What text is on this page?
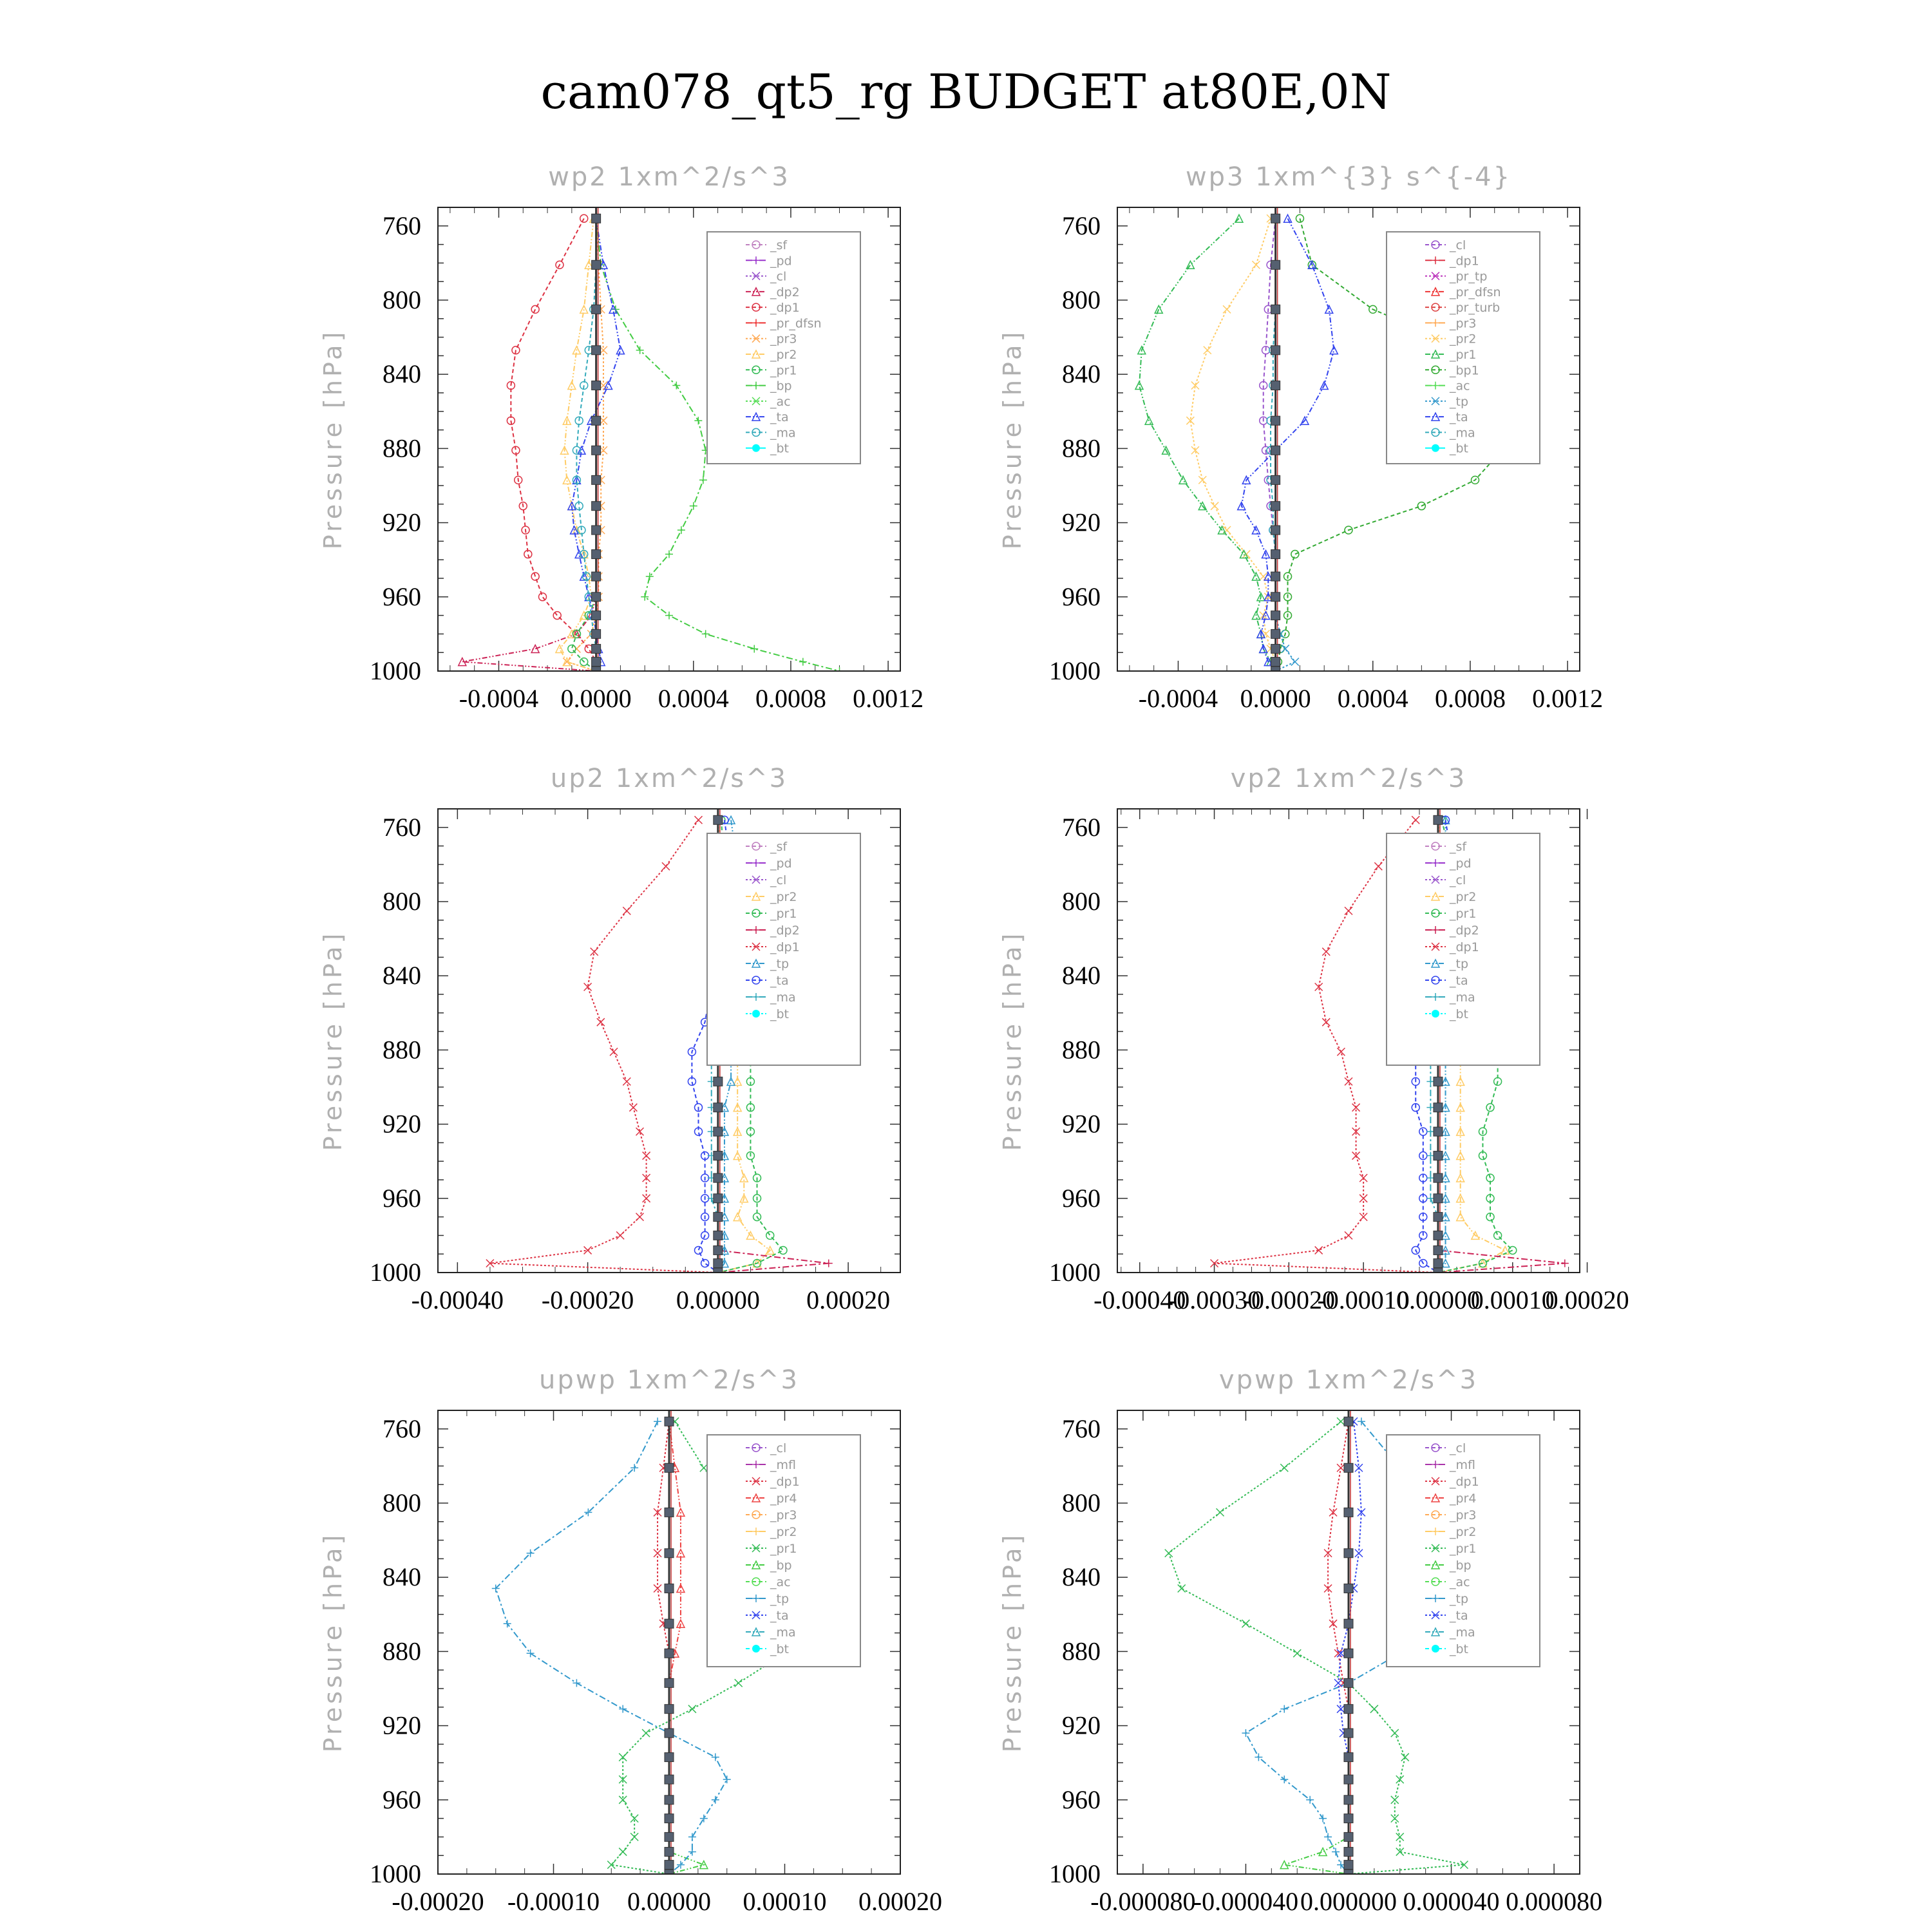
cam078_qt5_rg BUDGET at80E,0N
wp2 1xm^2/s^3
Pressure [hPa]
760
800
840
880
920
960
1000
-0.0004 0.0000 0.0004 0.0008 0.0012
_sf
_pd
_cl
_dp2
_dp1
_pr_dfsn
_pr3
_pr2
_pr1
_bp
_ac
_ta
_ma
_bt
wp3 1xm^{3} s^{-4}
Pressure [hPa]
760
800
840
880
920
960
1000
-0.0004 0.0000 0.0004 0.0008 0.0012
_cl
_dp1
_pr_tp
_pr_dfsn
_pr_turb
_pr3
_pr2
_pr1
_bp1
_ac
_tp
_ta
_ma
_bt
up2 1xm^2/s^3
Pressure [hPa]
760
800
840
880
920
960
1000
-0.00040 -0.00020 0.00000 0.00020
_sf
_pd
_cl
_pr2
_pr1
_dp2
_dp1
_tp
_ta
_ma
_bt
vp2 1xm^2/s^3
Pressure [hPa]
760
800
840
880
920
960
1000
-0.00040
-0.00030
-0.00020
-0.00010
0.00000
0.00010
0.00020
_sf
_pd
_cl
_pr2
_pr1
_dp2
_dp1
_tp
_ta
_ma
_bt
upwp 1xm^2/s^3
Pressure [hPa]
760
800
840
880
920
960
1000
-0.00020 -0.00010 0.00000 0.00010 0.00020
_cl
_mfl
_dp1
_pr4
_pr3
_pr2
_pr1
_bp
_ac
_tp
_ta
_ma
_bt
vpwp 1xm^2/s^3
Pressure [hPa]
760
800
840
880
920
960
1000
-0.000080
-0.000040 0.000000 0.000040 0.000080
_cl
_mfl
_dp1
_pr4
_pr3
_pr2
_pr1
_bp
_ac
_tp
_ta
_ma
_bt
